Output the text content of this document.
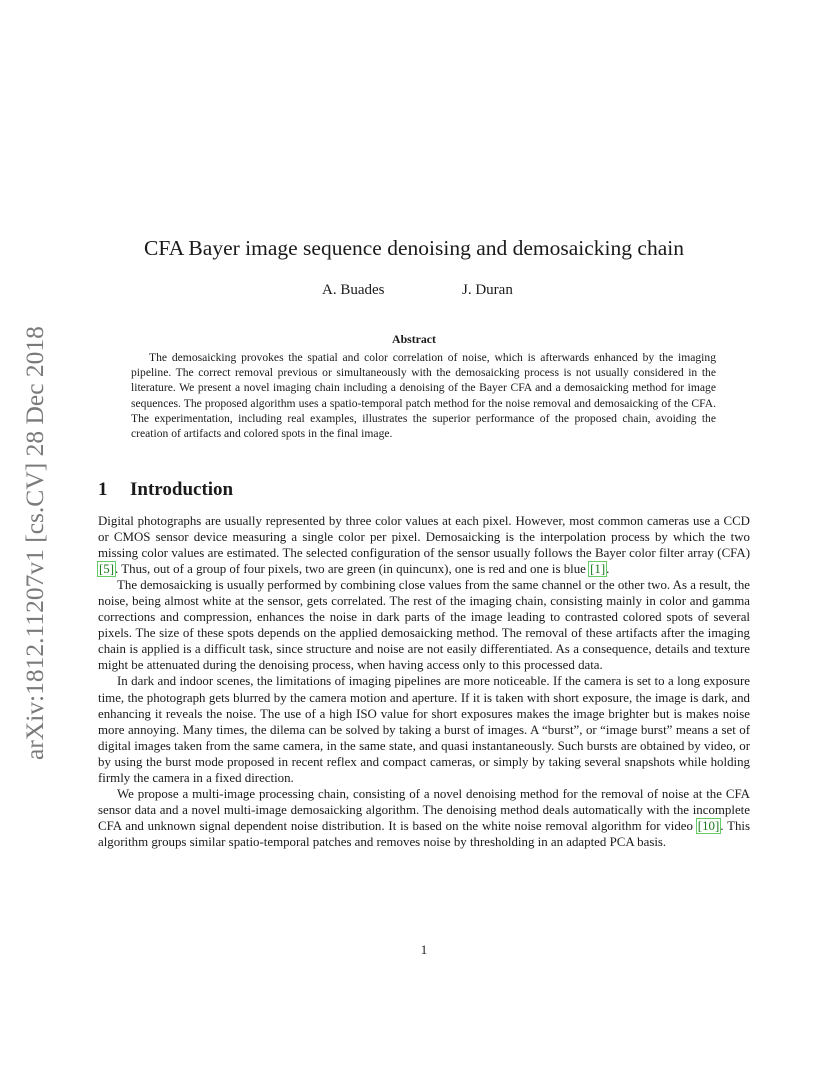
arXiv:1812.11207v1 [cs.CV] 28 Dec 2018
CFA Bayer image sequence denoising and demosaicking chain
A. Buades	J. Duran
Abstract

The demosaicking provokes the spatial and color correlation of noise, which is afterwards enhanced by the imaging pipeline. The correct removal previous or simultaneously with the demosaicking process is not usually considered in the literature. We present a novel imaging chain including a denoising of the Bayer CFA and a demosaicking method for image sequences. The proposed algorithm uses a spatio-temporal patch method for the noise removal and demosaicking of the CFA. The experimentation, including real examples, illustrates the superior performance of the proposed chain, avoiding the creation of artifacts and colored spots in the final image.

1 Introduction

Digital photographs are usually represented by three color values at each pixel. However, most common cameras use a CCD or CMOS sensor device measuring a single color per pixel. Demosaicking is the interpolation process by which the two missing color values are estimated. The selected configuration of the sensor usually follows the Bayer color filter array (CFA) [5]. Thus, out of a group of four pixels, two are green (in quincunx), one is red and one is blue [1].

The demosaicking is usually performed by combining close values from the same channel or the other two. As a result, the noise, being almost white at the sensor, gets correlated. The rest of the imaging chain, consisting mainly in color and gamma corrections and compression, enhances the noise in dark parts of the image leading to contrasted colored spots of several pixels. The size of these spots depends on the applied demosaicking method. The removal of these artifacts after the imaging chain is applied is a difficult task, since structure and noise are not easily differentiated. As a consequence, details and texture might be attenuated during the denoising process, when having access only to this processed data.

In dark and indoor scenes, the limitations of imaging pipelines are more noticeable. If the camera is set to a long exposure time, the photograph gets blurred by the camera motion and aperture. If it is taken with short exposure, the image is dark, and enhancing it reveals the noise. The use of a high ISO value for short exposures makes the image brighter but is makes noise more annoying. Many times, the dilema can be solved by taking a burst of images. A “burst”, or “image burst” means a set of digital images taken from the same camera, in the same state, and quasi instantaneously. Such bursts are obtained by video, or by using the burst mode proposed in recent reflex and compact cameras, or simply by taking several snapshots while holding firmly the camera in a fixed direction.

We propose a multi-image processing chain, consisting of a novel denoising method for the removal of noise at the CFA sensor data and a novel multi-image demosaicking algorithm. The denoising method deals automatically with the incomplete CFA and unknown signal dependent noise distribution. It is based on the white noise removal algorithm for video [10]. This algorithm groups similar spatio-temporal patches and removes noise by thresholding in an adapted PCA basis.

1
